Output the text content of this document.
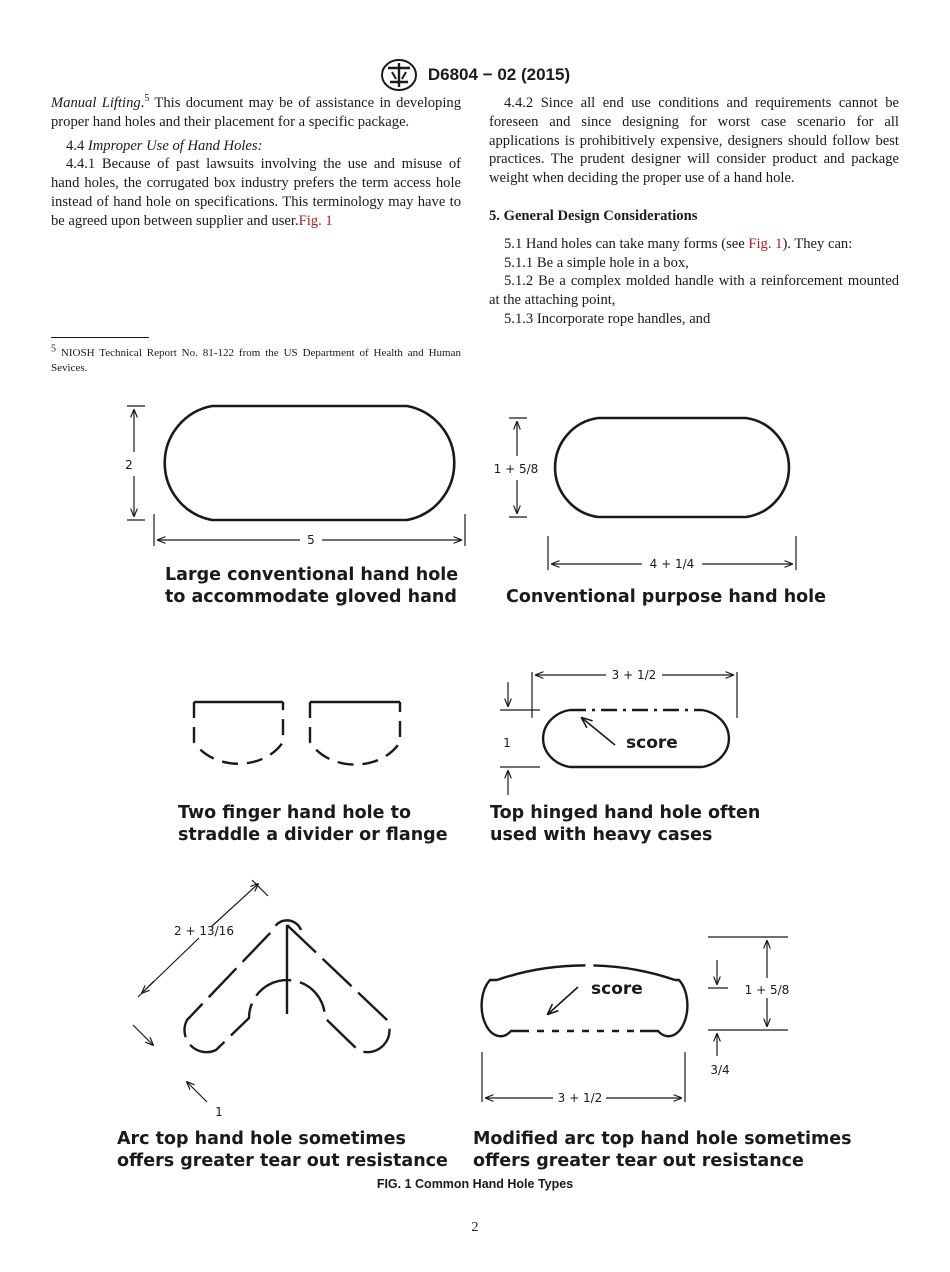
D6804 − 02 (2015)

Manual Lifting.$^5$ This document may be of assistance in developing proper hand holes and their placement for a specific package.

4.4 Improper Use of Hand Holes:

4.4.1 Because of past lawsuits involving the use and misuse of hand holes, the corrugated box industry prefers the term access hole instead of hand hole on specifications. This terminology may have to be agreed upon between supplier and user.Fig. 1

4.4.2 Since all end use conditions and requirements cannot be foreseen and since designing for worst case scenario for all applications is prohibitively expensive, designers should follow best practices. The prudent designer will consider product and package weight when deciding the proper use of a hand hole.

5. General Design Considerations

5.1 Hand holes can take many forms (see Fig. 1). They can:

5.1.1 Be a simple hole in a box,

5.1.2 Be a complex molded handle with a reinforcement mounted at the attaching point,

5.1.3 Incorporate rope handles, and

$^5$ NIOSH Technical Report No. 81-122 from the US Department of Health and Human Sevices.
2
5
1 + 5/8
4 + 1/4
3 + 1/2
1	score
2 + 13/16
1
score	1 + 5/8
3/4
3 + 1/2
Large conventional hand hole
to accommodate gloved hand	Conventional purpose hand hole
Two finger hand hole to
straddle a divider or flange
Top hinged hand hole often
used with heavy cases
Arc top hand hole sometimes
offers greater tear out resistance
Modified arc top hand hole sometimes
offers greater tear out resistance
FIG. 1 Common Hand Hole Types
2
